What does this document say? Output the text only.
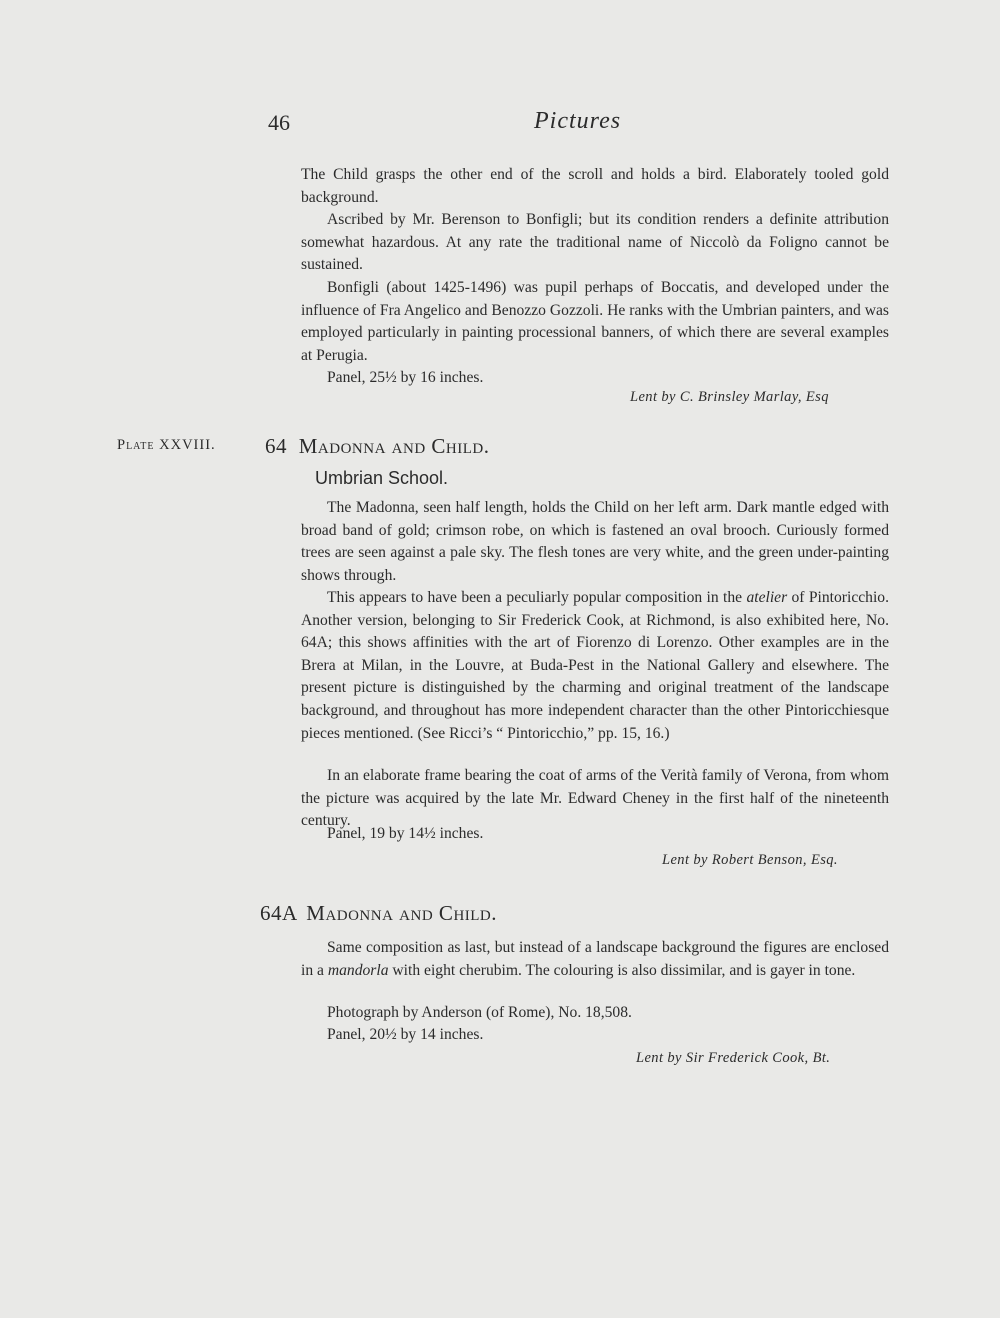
46	Pictures

The Child grasps the other end of the scroll and holds a bird. Elaborately tooled gold background.

Ascribed by Mr. Berenson to Bonfigli; but its condition renders a definite attribution somewhat hazardous. At any rate the traditional name of Niccolò da Foligno cannot be sustained.

Bonfigli (about 1425-1496) was pupil perhaps of Boccatis, and developed under the influence of Fra Angelico and Benozzo Gozzoli. He ranks with the Umbrian painters, and was employed particularly in painting processional banners, of which there are several examples at Perugia.

Panel, 25½ by 16 inches.

Lent by C. Brinsley Marlay, Esq
Plate XXVIII. 64 Madonna and Child.
Umbrian School.

The Madonna, seen half length, holds the Child on her left arm. Dark mantle edged with broad band of gold; crimson robe, on which is fastened an oval brooch. Curiously formed trees are seen against a pale sky. The flesh tones are very white, and the green under-painting shows through.

This appears to have been a peculiarly popular composition in the atelier of Pintoricchio. Another version, belonging to Sir Frederick Cook, at Richmond, is also exhibited here, No. 64A; this shows affinities with the art of Fiorenzo di Lorenzo. Other examples are in the Brera at Milan, in the Louvre, at Buda-Pest in the National Gallery and elsewhere. The present picture is distinguished by the charming and original treatment of the landscape background, and throughout has more independent character than the other Pintoricchiesque pieces mentioned. (See Ricci’s “ Pintoricchio,” pp. 15, 16.)

In an elaborate frame bearing the coat of arms of the Verità family of Verona, from whom the picture was acquired by the late Mr. Edward Cheney in the first half of the nineteenth century.

Panel, 19 by 14½ inches.

Lent by Robert Benson, Esq.
64A Madonna and Child.

Same composition as last, but instead of a landscape background the figures are enclosed in a mandorla with eight cherubim. The colouring is also dissimilar, and is gayer in tone.

Photograph by Anderson (of Rome), No. 18,508.

Panel, 20½ by 14 inches.

Lent by Sir Frederick Cook, Bt.
